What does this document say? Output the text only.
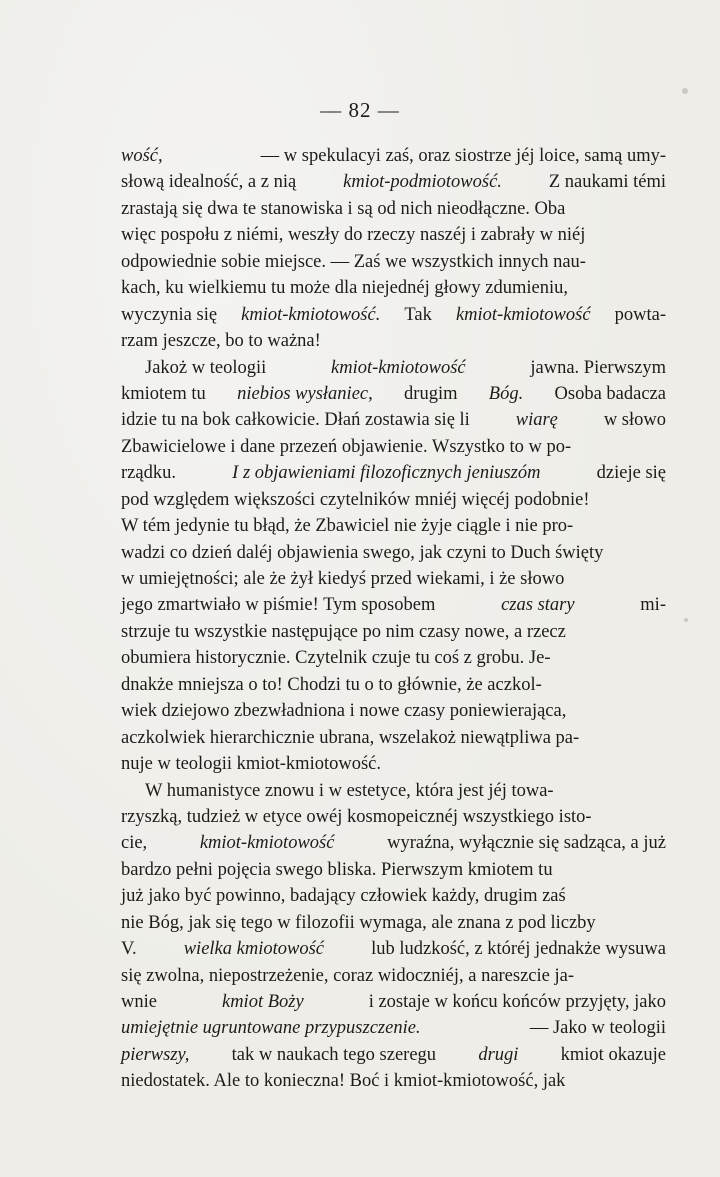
— 82 —
wość,	— w spekulacyi zaś, oraz siostrze jéj loice, samą umy-
słową idealność, a z nią	kmiot-podmiotowość.	Z naukami témi
zrastają się dwa te stanowiska i są od nich nieodłączne. Oba
więc pospołu z niémi, weszły do rzeczy naszéj i zabrały w niéj
odpowiednie sobie miejsce. — Zaś we wszystkich innych nau-
kach, ku wielkiemu tu może dla niejednéj głowy zdumieniu,
wyczynia się kmiot-kmiotowość. Tak kmiot-kmiotowość powta-
rzam jeszcze, bo to ważna!
Jakoż w teologii	kmiot-kmiotowość	jawna. Pierwszym
kmiotem tu niebios wysłaniec, drugim Bóg. Osoba badacza
idzie tu na bok całkowicie. Dłań zostawia się li wiarę w słowo
Zbawicielowe i dane przezeń objawienie. Wszystko to w po-
rządku.	I z objawieniami filozoficznych jeniuszóm	dzieje się
pod względem większości czytelników mniéj więcéj podobnie!
W tém jedynie tu błąd, że Zbawiciel nie żyje ciągle i nie pro-
wadzi co dzień daléj objawienia swego, jak czyni to Duch święty
w umiejętności; ale że żył kiedyś przed wiekami, i że słowo
jego zmartwiało w piśmie! Tym sposobem	czas stary	mi-
strzuje tu wszystkie następujące po nim czasy nowe, a rzecz
obumiera historycznie. Czytelnik czuje tu coś z grobu. Je-
dnakże mniejsza o to! Chodzi tu o to głównie, że aczkol-
wiek dziejowo zbezwładniona i nowe czasy poniewierająca,
aczkolwiek hierarchicznie ubrana, wszelakoż niewątpliwa pa-
nuje w teologii kmiot-kmiotowość.
W humanistyce znowu i w estetyce, która jest jéj towa-
rzyszką, tudzież w etyce owéj kosmopeicznéj wszystkiego isto-
cie,	kmiot-kmiotowość	wyraźna, wyłącznie się sadząca, a już
bardzo pełni pojęcia swego bliska. Pierwszym kmiotem tu
już jako być powinno, badający człowiek każdy, drugim zaś
nie Bóg, jak się tego w filozofii wymaga, ale znana z pod liczby
V.	wielka kmiotowość	lub ludzkość, z któréj jednakże wysuwa
się zwolna, niepostrzeżenie, coraz widoczniéj, a nareszcie ja-
wnie	kmiot Boży	i zostaje w końcu końców przyjęty, jako
umiejętnie ugruntowane przypuszczenie.	— Jako w teologii
pierwszy, tak w naukach tego szeregu drugi kmiot okazuje
niedostatek. Ale to konieczna! Boć i kmiot-kmiotowość, jak
